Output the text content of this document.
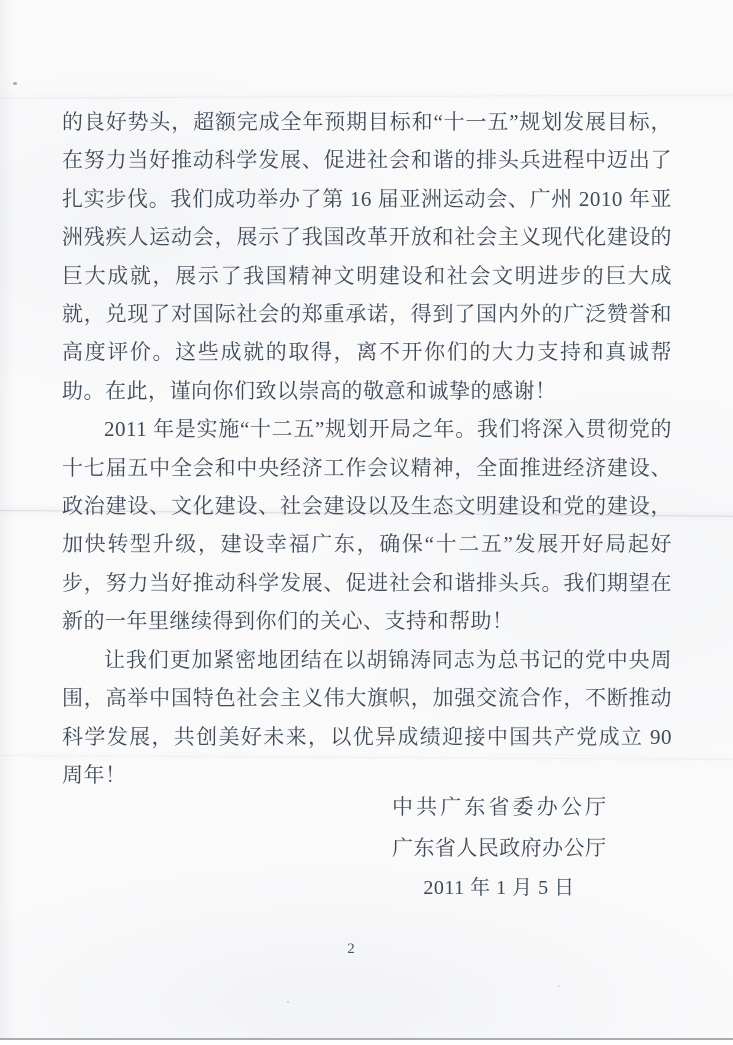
的良好势头，超额完成全年预期目标和“十一五”规划发展目标，在努力当好推动科学发展、促进社会和谐的排头兵进程中迈出了扎实步伐。我们成功举办了第 16 届亚洲运动会、广州 2010 年亚洲残疾人运动会，展示了我国改革开放和社会主义现代化建设的巨大成就，展示了我国精神文明建设和社会文明进步的巨大成就，兑现了对国际社会的郑重承诺，得到了国内外的广泛赞誉和高度评价。这些成就的取得，离不开你们的大力支持和真诚帮助。在此，谨向你们致以崇高的敬意和诚挚的感谢！

2011 年是实施“十二五”规划开局之年。我们将深入贯彻党的十七届五中全会和中央经济工作会议精神，全面推进经济建设、政治建设、文化建设、社会建设以及生态文明建设和党的建设，加快转型升级，建设幸福广东，确保“十二五”发展开好局起好步，努力当好推动科学发展、促进社会和谐排头兵。我们期望在新的一年里继续得到你们的关心、支持和帮助！

让我们更加紧密地团结在以胡锦涛同志为总书记的党中央周围，高举中国特色社会主义伟大旗帜，加强交流合作，不断推动科学发展，共创美好未来，以优异成绩迎接中国共产党成立 90 周年！

中共广东省委办公厅
广东省人民政府办公厅
2011 年 1 月 5 日
2
